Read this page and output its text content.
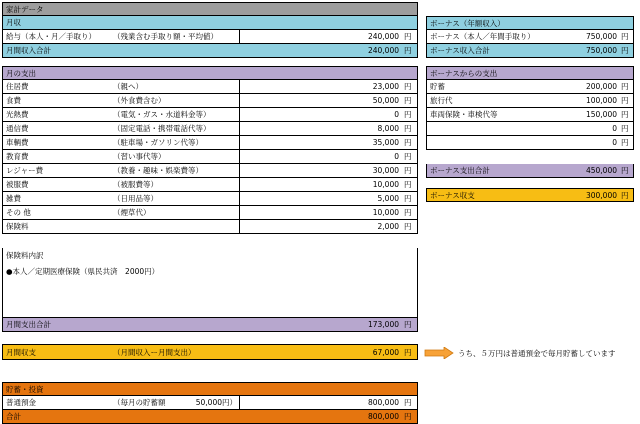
家計データ
月収
給与（本人・月／手取り） （残業含む手取り額・平均値）	240,000 円
月間収入合計	240,000 円
ボーナス（年額収入）
ボーナス（本人／年間手取り）	750,000 円
ボーナス収入合計	750,000 円
月の支出
住居費	（親へ）	23,000 円
食費	（外食費含む）	50,000 円
光熱費	（電気・ガス・水道料金等）	0 円
通信費	（固定電話・携帯電話代等）	8,000 円
車輌費	（駐車場・ガソリン代等）	35,000 円
教育費	（習い事代等）	0 円
レジャー費	（教養・趣味・娯楽費等）	30,000 円
被服費	（被服費等）	10,000 円
雑費	（日用品等）	5,000 円
その 他	（煙草代）	10,000 円
保険料	2,000 円
保険料内訳
●本人／定期医療保険（県民共済　2000円）
月間支出合計	173,000 円
ボーナスからの支出
貯蓄	200,000 円
旅行代	100,000 円
車両保険・車検代等	150,000 円
0 円
0 円
ボーナス支出合計	450,000 円
ボーナス収支	300,000 円
月間収支	（月間収入ー月間支出）	67,000 円	うち、５万円は普通預金で毎月貯蓄しています
貯蓄・投資
普通預金	（毎月の貯蓄額	50,000円）	800,000 円
合計	800,000 円
